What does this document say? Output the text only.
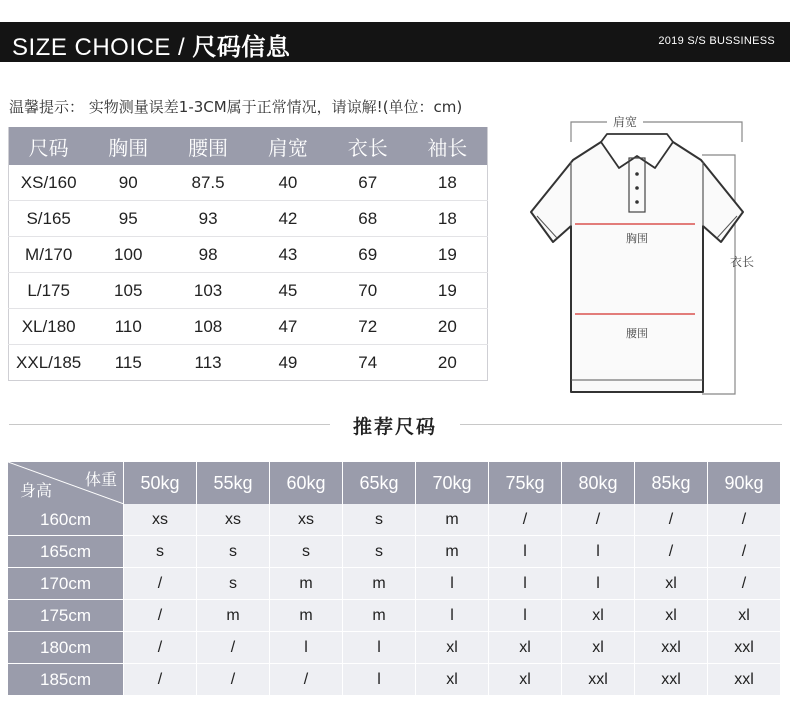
SIZE CHOICE / 尺码信息	2019 S/S BUSSINESS
温馨提示： 实物测量误差1-3CM属于正常情况，请谅解!(单位：cm)
尺码	胸围	腰围	肩宽	衣长	袖长
XS/160	90	87.5	40	67	18
S/165	95	93	42	68	18
M/170	100	98	43	69	19
L/175	105	103	45	70	19
XL/180	110	108	47	72	20
XXL/185	115	113	49	74	20
肩宽
衣长
胸围
腰围
推荐尺码
体重
身高	50kg	55kg	60kg	65kg	70kg	75kg	80kg	85kg	90kg
160cm	xs	xs	xs	s	m	/	/	/	/
165cm	s	s	s	s	m	l	l	/	/
170cm	/	s	m	m	l	l	l	xl	/
175cm	/	m	m	m	l	l	xl	xl	xl
180cm	/	/	l	l	xl	xl	xl	xxl	xxl
185cm	/	/	/	l	xl	xl	xxl	xxl	xxl
